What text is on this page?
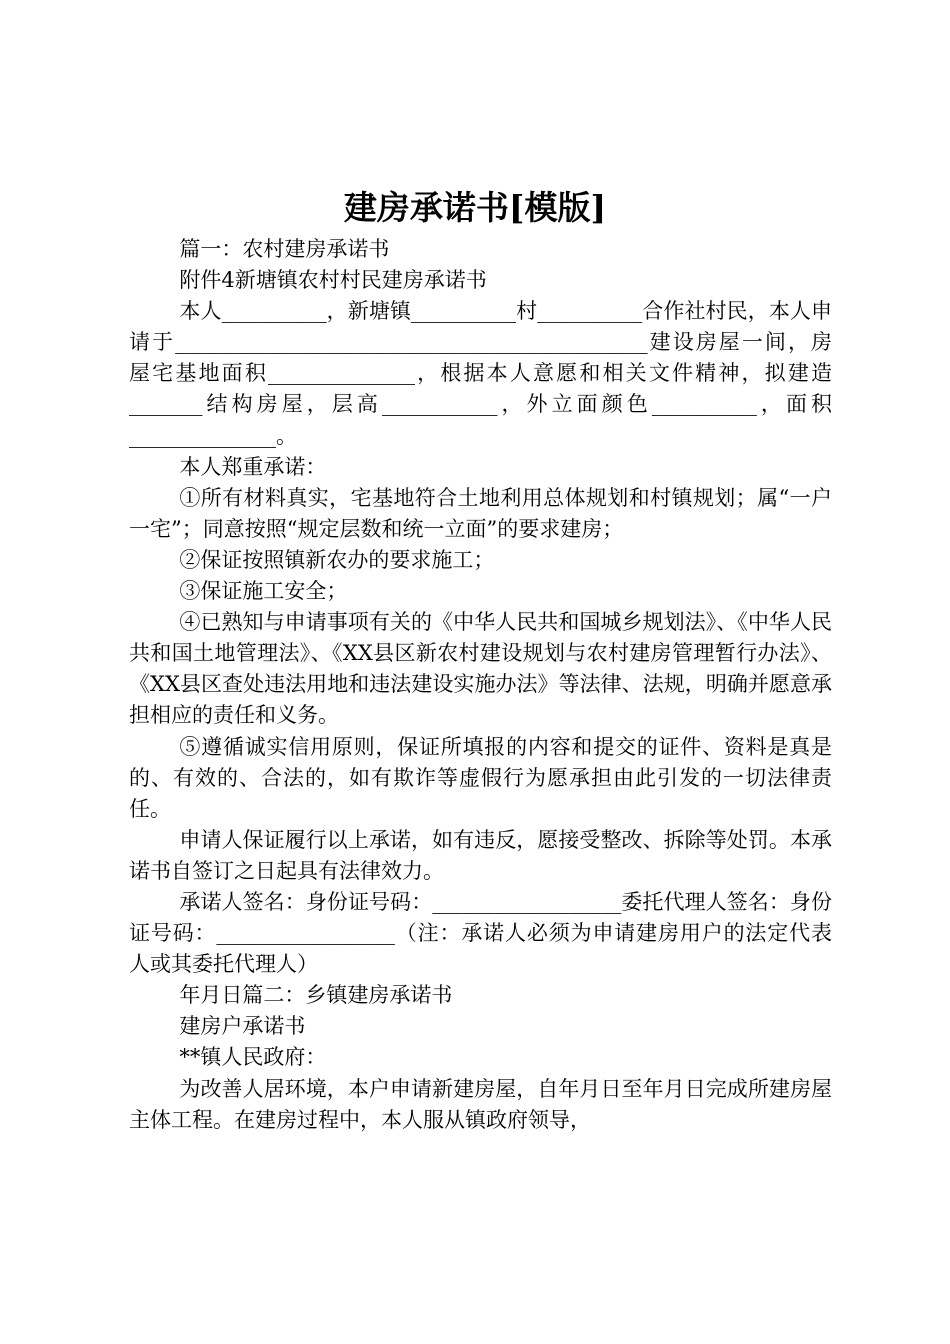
建房承诺书[模版]

篇一：农村建房承诺书

附件4新塘镇农村村民建房承诺书

本人__________，新塘镇__________村__________合作社村民，本人申请于_____________________________________________建设房屋一间，房屋宅基地面积______________，根据本人意愿和相关文件精神，拟建造_______结构房屋，层高___________，外立面颜色__________，面积______________。

本人郑重承诺：

①所有材料真实，宅基地符合土地利用总体规划和村镇规划；属“一户一宅”；同意按照“规定层数和统一立面”的要求建房；

②保证按照镇新农办的要求施工；

③保证施工安全；

④已熟知与申请事项有关的《中华人民共和国城乡规划法》、《中华人民共和国土地管理法》、《XX县区新农村建设规划与农村建房管理暂行办法》、《XX县区查处违法用地和违法建设实施办法》等法律、法规，明确并愿意承担相应的责任和义务。

⑤遵循诚实信用原则，保证所填报的内容和提交的证件、资料是真是的、有效的、合法的，如有欺诈等虚假行为愿承担由此引发的一切法律责任。

申请人保证履行以上承诺，如有违反，愿接受整改、拆除等处罚。本承诺书自签订之日起具有法律效力。

承诺人签名：身份证号码：__________________委托代理人签名：身份证号码：_________________（注：承诺人必须为申请建房用户的法定代表人或其委托代理人）

年月日篇二：乡镇建房承诺书

建房户承诺书

**镇人民政府：

为改善人居环境，本户申请新建房屋，自年月日至年月日完成所建房屋主体工程。在建房过程中，本人服从镇政府领导，
